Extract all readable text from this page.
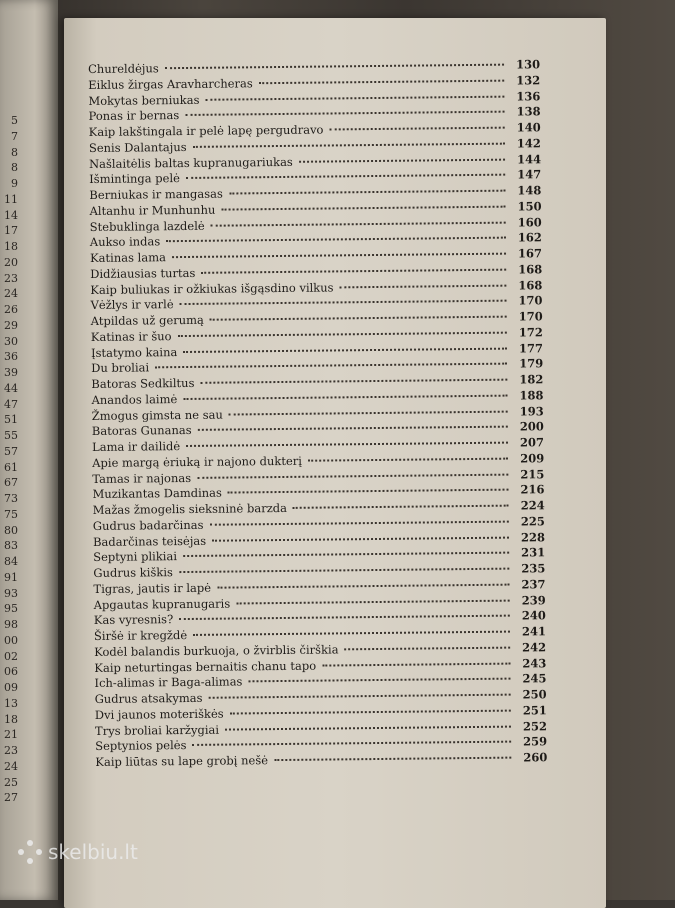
5
7
8
8
9
11
14
17
18
20
23
24
26
29
30
36
39
44
47
51
55
57
61
67
73
75
80
83
84
91
93
95
98
00
02
06
09
13
18
21
23
24
25
27
Chureldėjus	130
Eiklus žirgas Aravharcheras	132
Mokytas berniukas	136
Ponas ir bernas	138
Kaip lakštingala ir pelė lapę pergudravo	140
Senis Dalantajus	142
Našlaitėlis baltas kupranugariukas	144
Išmintinga pelė	147
Berniukas ir mangasas	148
Altanhu ir Munhunhu	150
Stebuklinga lazdelė	160
Aukso indas	162
Katinas lama	167
Didžiausias turtas	168
Kaip buliukas ir ožkiukas išgąsdino vilkus	168
Vėžlys ir varlė	170
Atpildas už gerumą	170
Katinas ir šuo	172
Įstatymo kaina	177
Du broliai	179
Batoras Sedkiltus	182
Anandos laimė	188
Žmogus gimsta ne sau	193
Batoras Gunanas	200
Lama ir dailidė	207
Apie margą ėriuką ir najono dukterį	209
Tamas ir najonas	215
Muzikantas Damdinas	216
Mažas žmogelis sieksninė barzda	224
Gudrus badarčinas	225
Badarčinas teisėjas	228
Septyni plikiai	231
Gudrus kiškis	235
Tigras, jautis ir lapė	237
Apgautas kupranugaris	239
Kas vyresnis?	240
Širšė ir kregždė	241
Kodėl balandis burkuoja, o žvirblis čirškia	242
Kaip neturtingas bernaitis chanu tapo	243
Ich-alimas ir Baga-alimas	245
Gudrus atsakymas	250
Dvi jaunos moteriškės	251
Trys broliai karžygiai	252
Septynios pelės	259
Kaip liūtas su lape grobį nešė	260
skelbiu.lt
